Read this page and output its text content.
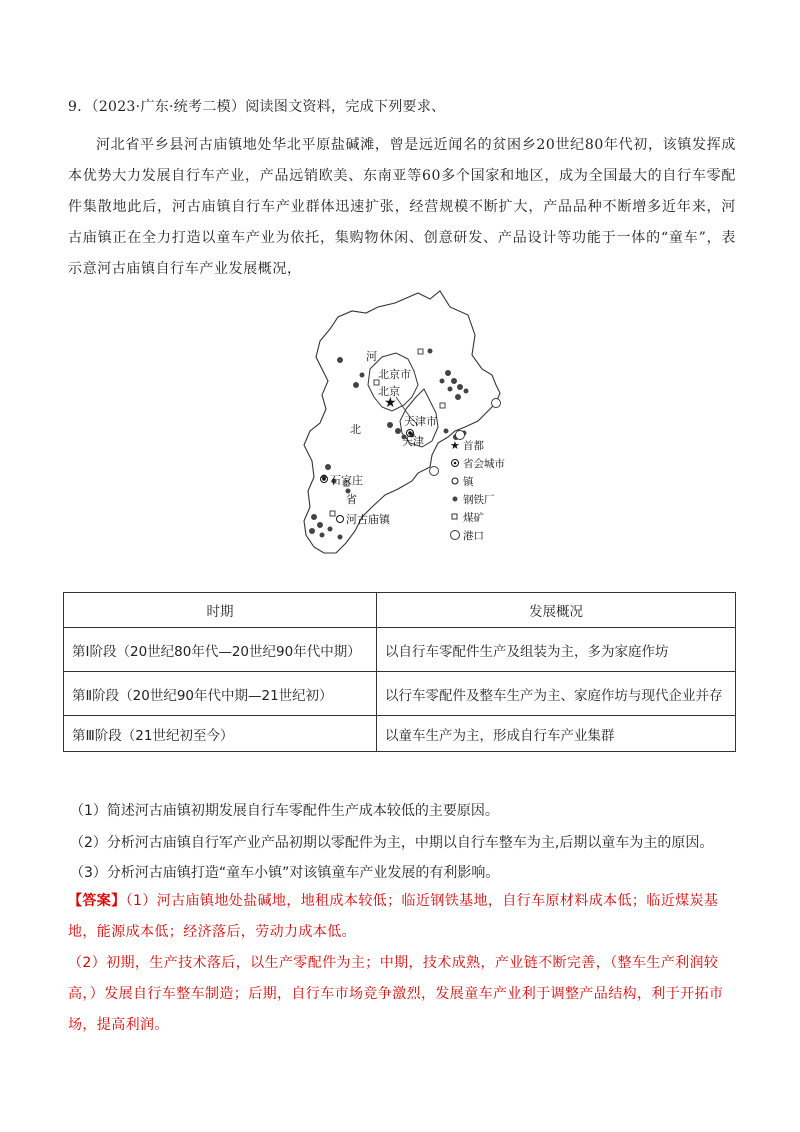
9．（2023·广东·统考二模）阅读图文资料，完成下列要求、
河北省平乡县河古庙镇地处华北平原盐碱滩，曾是远近闻名的贫困乡20世纪80年代初，该镇发挥成本优势大力发展自行车产业，产品远销欧美、东南亚等60多个国家和地区，成为全国最大的自行车零配件集散地此后，河古庙镇自行车产业群体迅速扩张，经营规模不断扩大，产品品种不断增多近年来，河古庙镇正在全力打造以童车产业为依托，集购物休闲、创意研发、产品设计等功能于一体的“童车”，表示意河古庙镇自行车产业发展概况，
★
河
北
省
北京市
北京
天津市
天津
石家庄
河古庙镇
★ 首都
省会城市
镇
钢铁厂
煤矿
港口
时期	发展概况
第Ⅰ阶段（20世纪80年代—20世纪90年代中期）	以自行车零配件生产及组装为主，多为家庭作坊
第Ⅱ阶段（20世纪90年代中期—21世纪初）	以行车零配件及整车生产为主、家庭作坊与现代企业并存
第Ⅲ阶段（21世纪初至今）	以童车生产为主，形成自行车产业集群
（1）简述河古庙镇初期发展自行车零配件生产成本较低的主要原因。
（2）分析河古庙镇自行军产业产品初期以零配件为主，中期以自行车整车为主,后期以童车为主的原因。
（3）分析河古庙镇打造“童车小镇”对该镇童车产业发展的有利影响。
【答案】（1）河古庙镇地处盐碱地，地租成本较低；临近钢铁基地，自行车原材料成本低；临近煤炭基地，能源成本低；经济落后，劳动力成本低。
（2）初期，生产技术落后，以生产零配件为主；中期，技术成熟，产业链不断完善，（整车生产利润较高，）发展自行车整车制造；后期，自行车市场竞争激烈，发展童车产业利于调整产品结构，利于开拓市场，提高利润。
